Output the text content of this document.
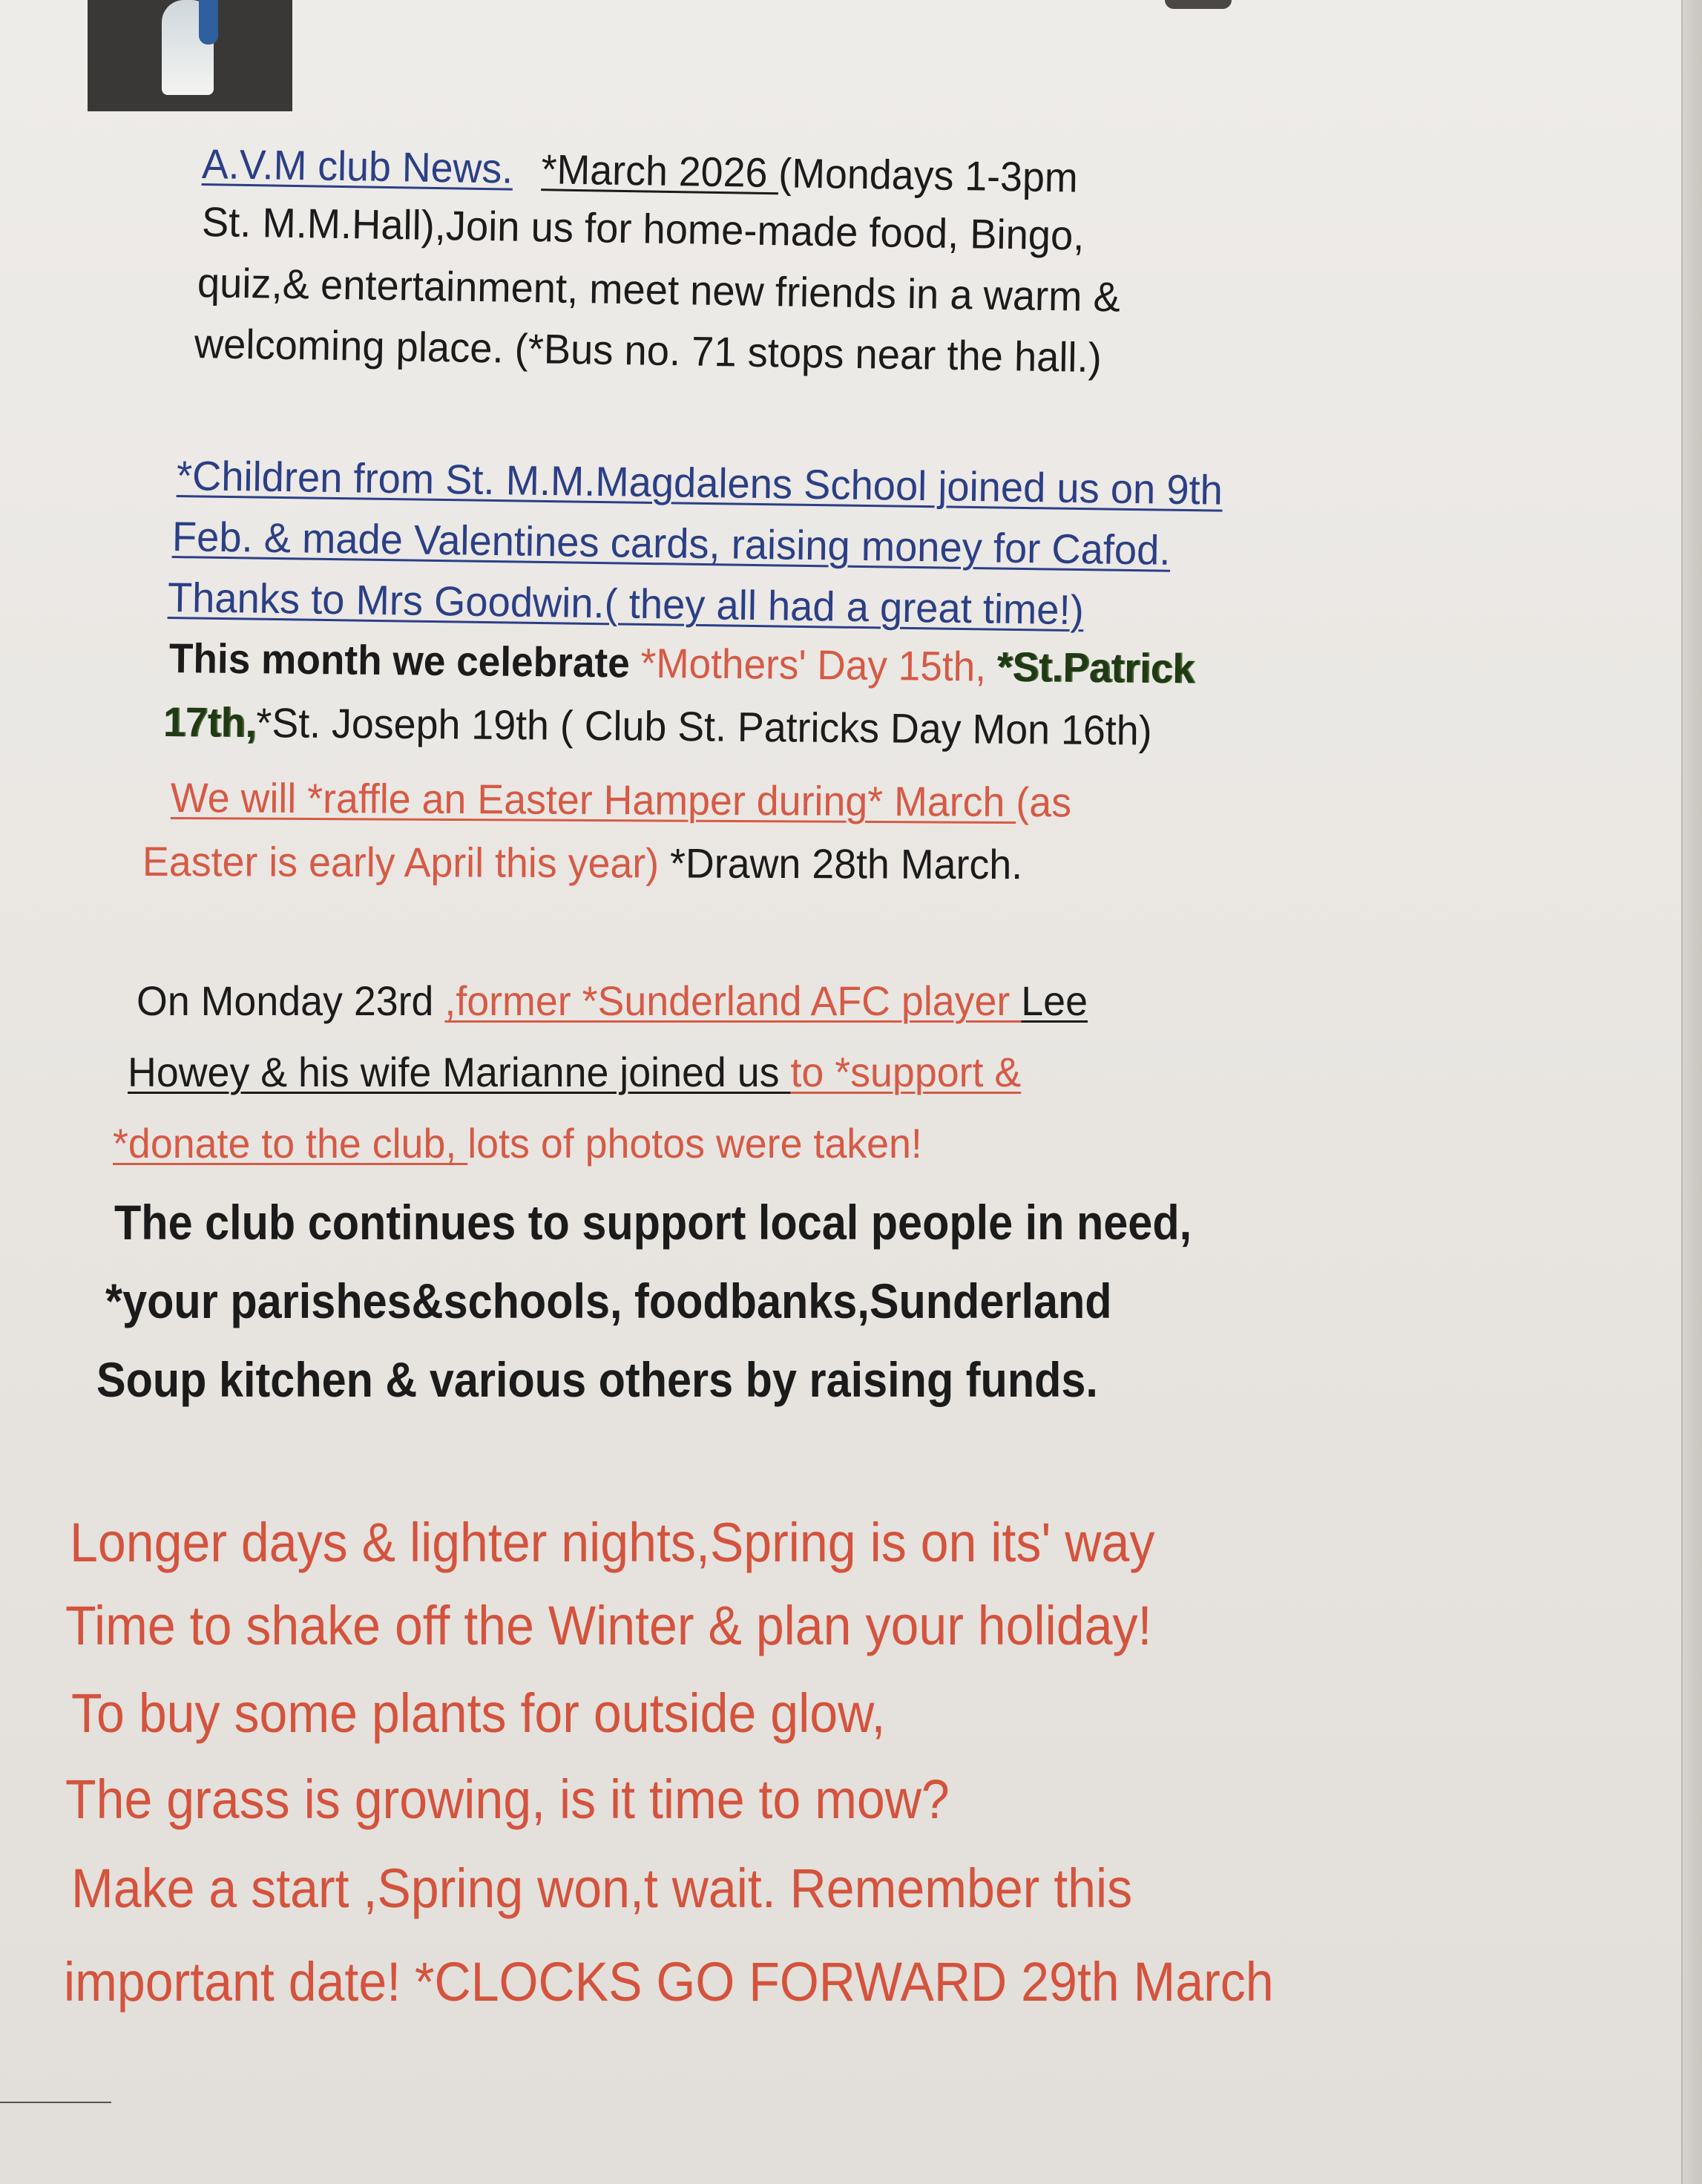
A.V.M club News. *March 2026 (Mondays 1-3pm
St. M.M.Hall),Join us for home-made food, Bingo,
quiz,& entertainment, meet new friends in a warm &
welcoming place. (*Bus no. 71 stops near the hall.)
*Children from St. M.M.Magdalens School joined us on 9th
Feb. & made Valentines cards, raising money for Cafod.
Thanks to Mrs Goodwin.( they all had a great time!)
This month we celebrate *Mothers' Day 15th, *St.Patrick
17th,*St. Joseph 19th ( Club St. Patricks Day Mon 16th)
We will *raffle an Easter Hamper during* March (as
Easter is early April this year) *Drawn 28th March.
On Monday 23rd ,former *Sunderland AFC player Lee
Howey & his wife Marianne joined us to *support &
*donate to the club, lots of photos were taken!
The club continues to support local people in need,
*your parishes&schools, foodbanks,Sunderland
Soup kitchen & various others by raising funds.
Longer days & lighter nights,Spring is on its' way
Time to shake off the Winter & plan your holiday!
To buy some plants for outside glow,
The grass is growing, is it time to mow?
Make a start ,Spring won,t wait. Remember this
important date! *CLOCKS GO FORWARD 29th March
